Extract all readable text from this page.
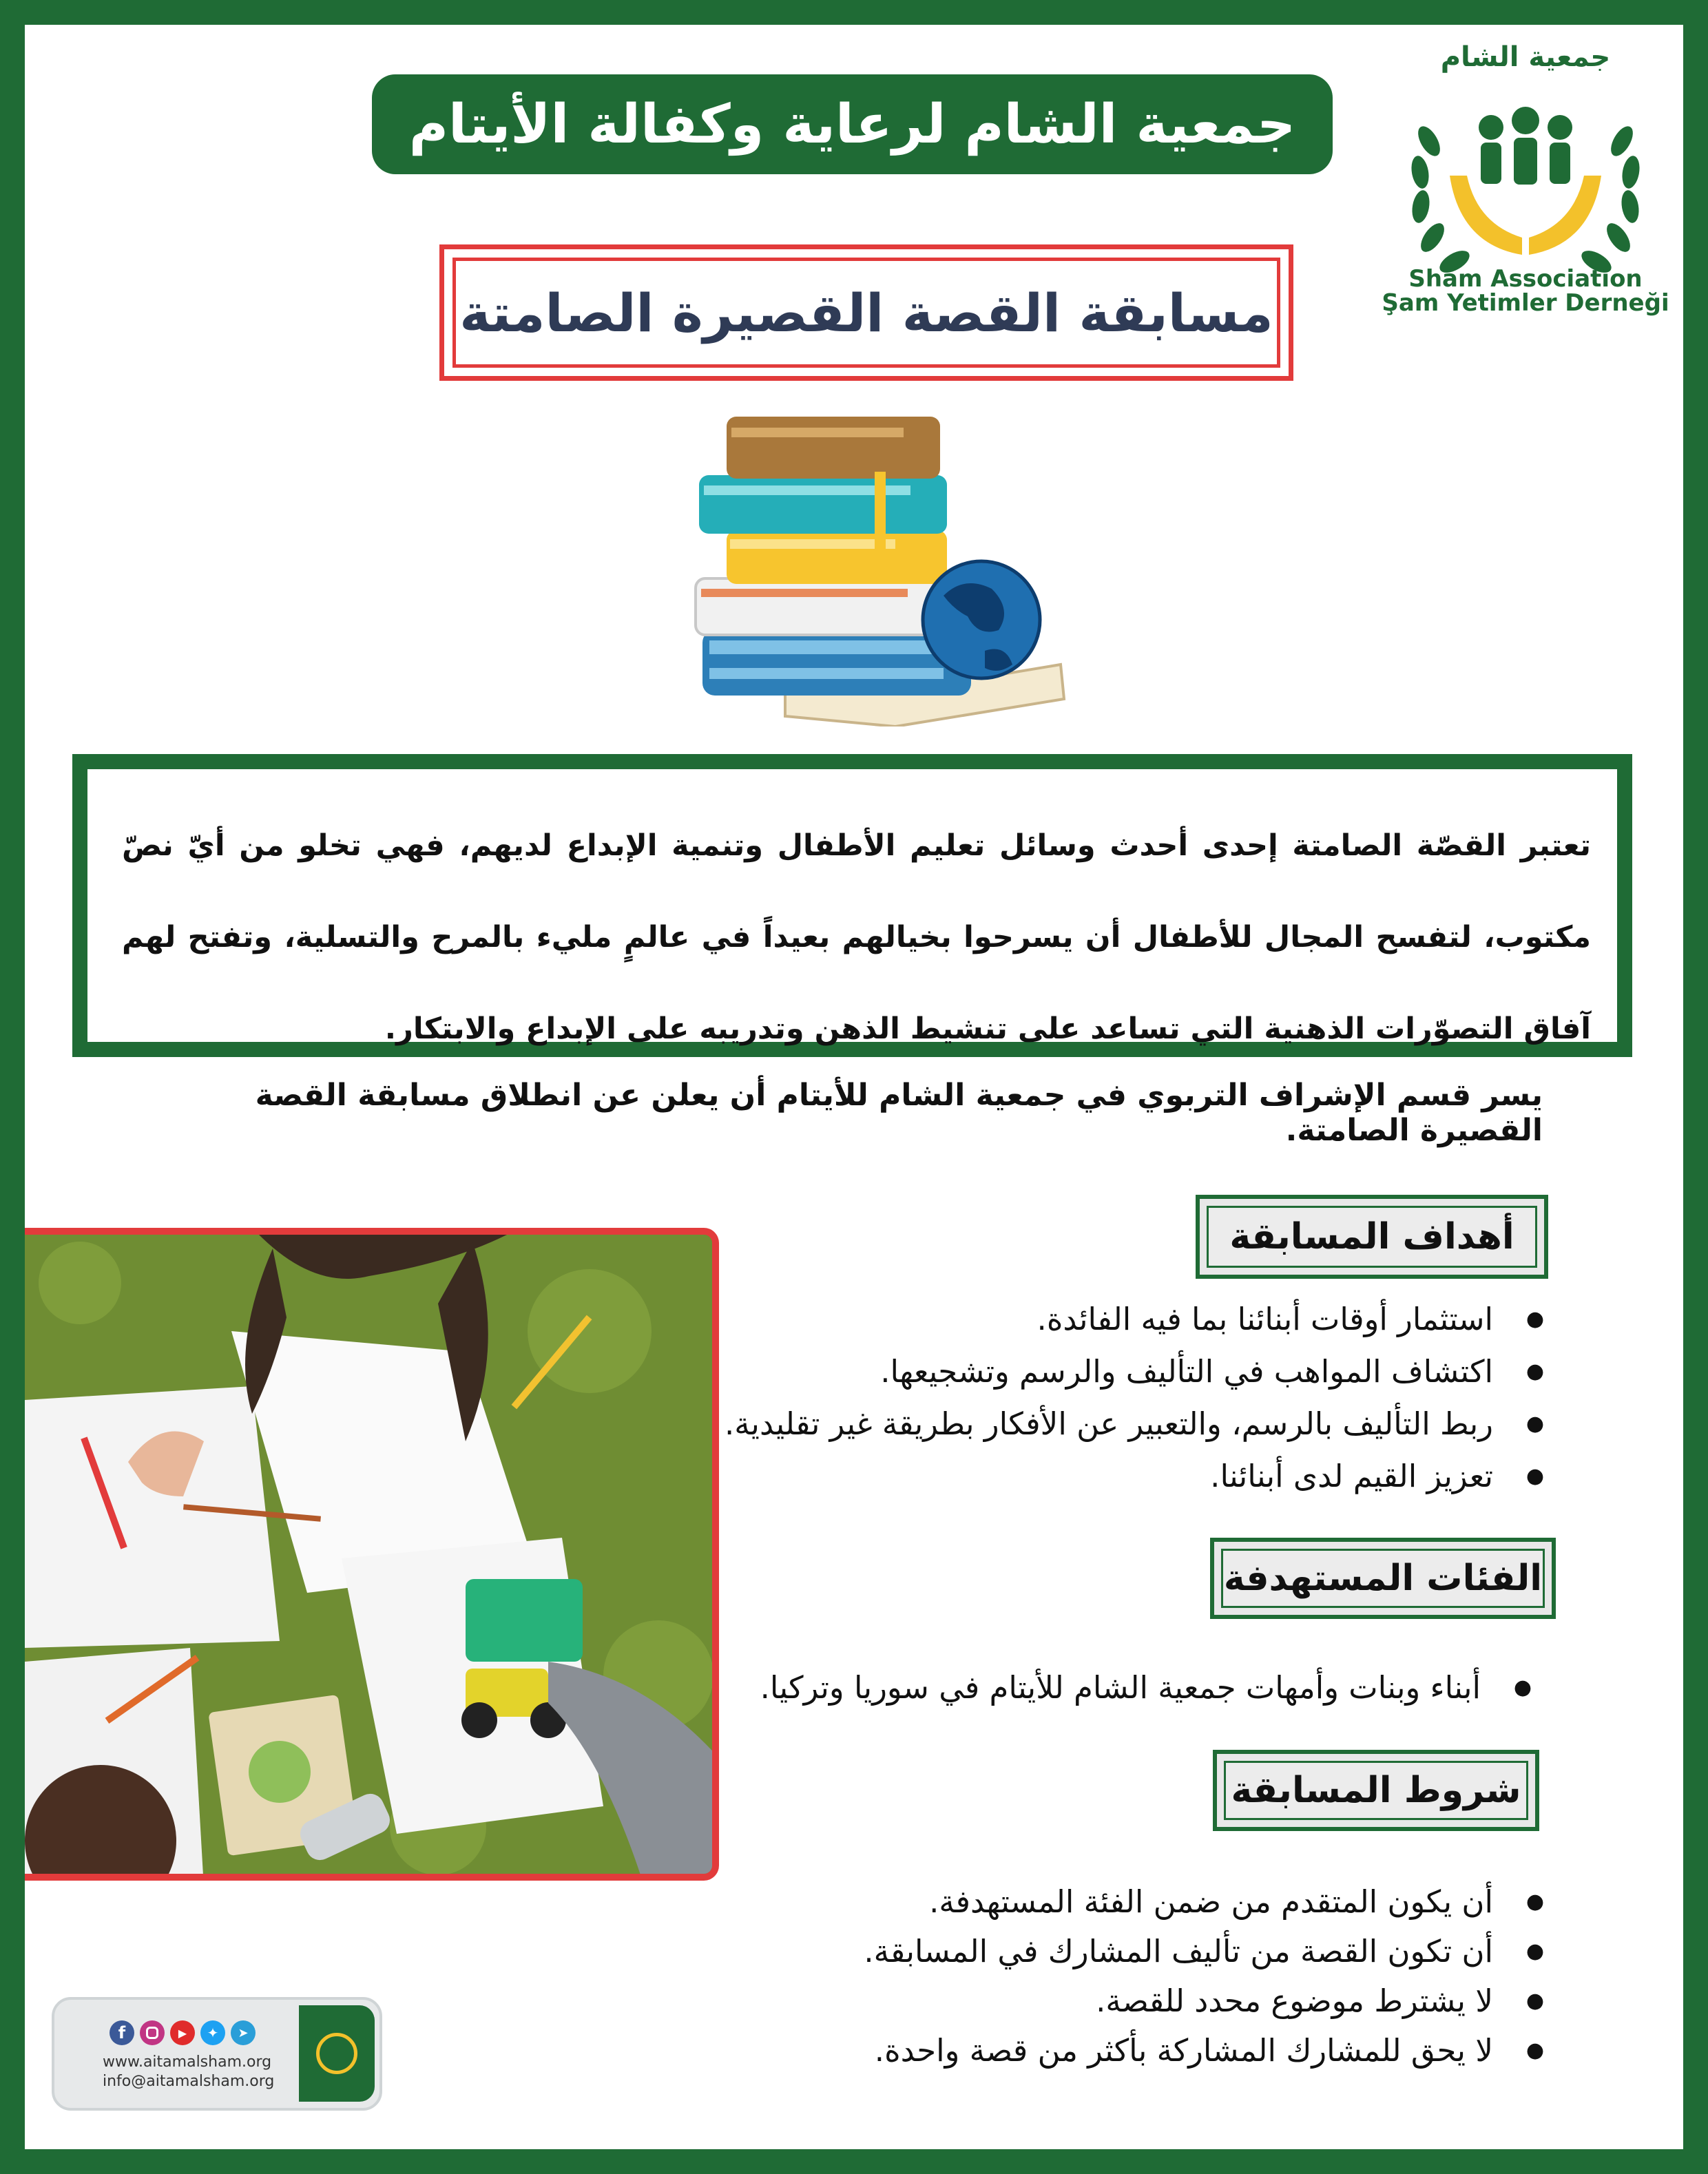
جمعية الشام لرعاية وكفالة الأيتام
جمعية الشام
Sham Association
Şam Yetimler Derneği
مسابقة القصة القصيرة الصامتة
تعتبر القصّة الصامتة إحدى أحدث وسائل تعليم الأطفال وتنمية الإبداع لديهم، فهي تخلو من أيّ نصّ مكتوب، لتفسح المجال للأطفال أن يسرحوا بخيالهم بعيداً في عالمٍ مليء بالمرح والتسلية، وتفتح لهم آفاق التصوّرات الذهنية التي تساعد على تنشيط الذهن وتدريبه على الإبداع والابتكار.
يسر قسم الإشراف التربوي في جمعية الشام للأيتام أن يعلن عن انطلاق مسابقة القصة القصيرة الصامتة.
أهداف المسابقة
● استثمار أوقات أبنائنا بما فيه الفائدة.
● اكتشاف المواهب في التأليف والرسم وتشجيعها.
● ربط التأليف بالرسم، والتعبير عن الأفكار بطريقة غير تقليدية.
● تعزيز القيم لدى أبنائنا.
الفئات المستهدفة
● أبناء وبنات وأمهات جمعية الشام للأيتام في سوريا وتركيا.
شروط المسابقة
● أن يكون المتقدم من ضمن الفئة المستهدفة.
● أن تكون القصة من تأليف المشارك في المسابقة.
● لا يشترط موضوع محدد للقصة.
● لا يحق للمشارك المشاركة بأكثر من قصة واحدة.
f	▶	✦	➤
www.aitamalsham.org
info@aitamalsham.org
